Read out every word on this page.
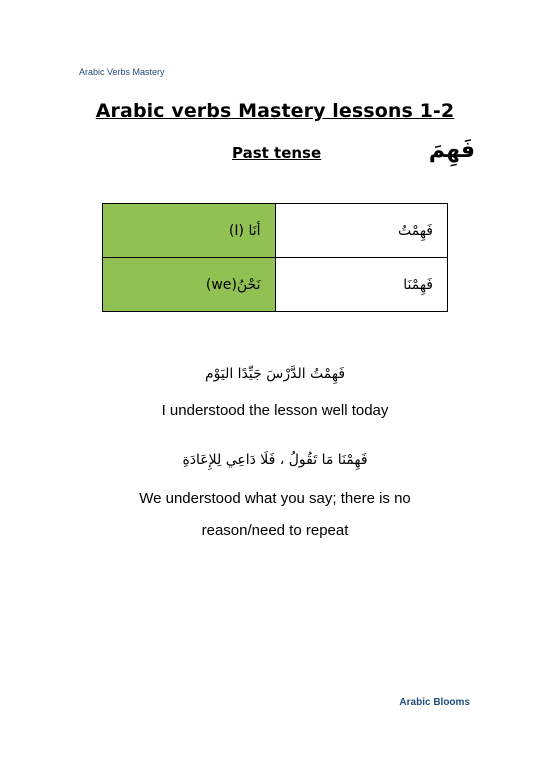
Arabic Verbs Mastery
Arabic verbs Mastery lessons 1-2
Past tense	فَهِمَ
أنَا (I)	فَهِمْتُ
نَحْنُ(we)	فَهِمْنَا
فَهِمْتُ الدَّرْسَ جَيِّدًا اليَوْم
I understood the lesson well today
فَهِمْنَا مَا تَقُولُ ، فَلَا دَاعِي لِلإِعَادَةِ
We understood what you say; there is no reason/need to repeat
Arabic Blooms
